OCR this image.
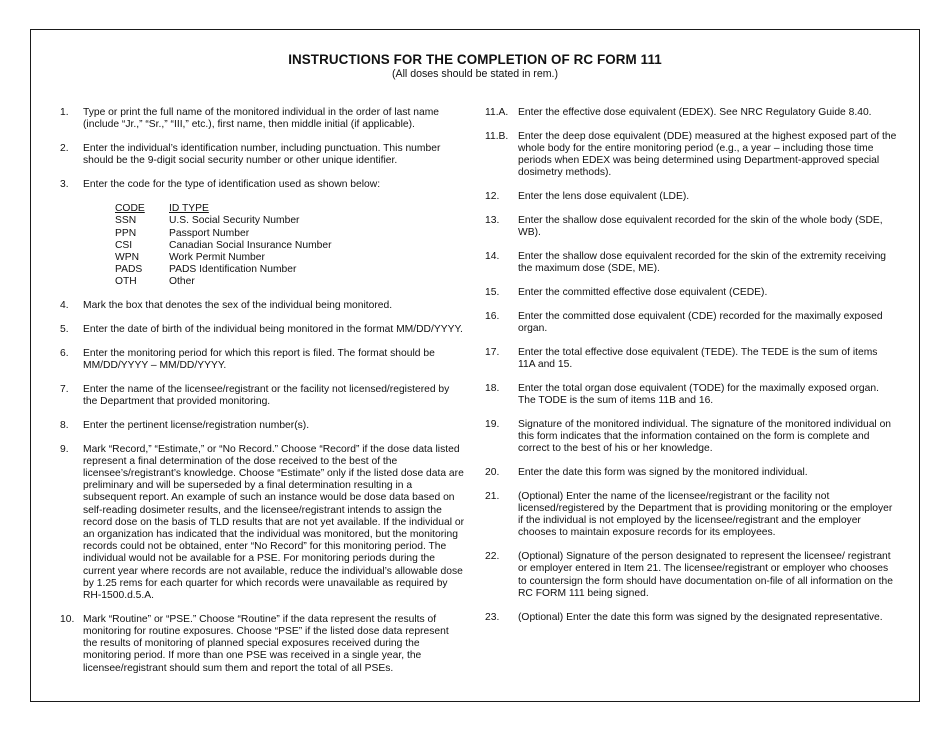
INSTRUCTIONS FOR THE COMPLETION OF RC FORM 111
(All doses should be stated in rem.)
1. Type or print the full name of the monitored individual in the order of last name (include “Jr.,” “Sr.,” “III,” etc.), first name, then middle initial (if applicable).
2. Enter the individual’s identification number, including punctuation. This number should be the 9-digit social security number or other unique identifier.
3. Enter the code for the type of identification used as shown below:
CODE	ID TYPE
SSN	U.S. Social Security Number
PPN	Passport Number
CSI	Canadian Social Insurance Number
WPN	Work Permit Number
PADS	PADS Identification Number
OTH	Other
4. Mark the box that denotes the sex of the individual being monitored.
5. Enter the date of birth of the individual being monitored in the format MM/DD/YYYY.
6. Enter the monitoring period for which this report is filed. The format should be MM/DD/YYYY – MM/DD/YYYY.
7. Enter the name of the licensee/registrant or the facility not licensed/registered by the Department that provided monitoring.
8. Enter the pertinent license/registration number(s).
9. Mark “Record,” “Estimate,” or “No Record.” Choose “Record” if the dose data listed represent a final determination of the dose received to the best of the licensee’s/registrant’s knowledge. Choose “Estimate” only if the listed dose data are preliminary and will be superseded by a final determination resulting in a subsequent report. An example of such an instance would be dose data based on self-reading dosimeter results, and the licensee/registrant intends to assign the record dose on the basis of TLD results that are not yet available. If the individual or an organization has indicated that the individual was monitored, but the monitoring records could not be obtained, enter “No Record” for this monitoring period. The individual would not be available for a PSE. For monitoring periods during the current year where records are not available, reduce the individual’s allowable dose by 1.25 rems for each quarter for which records were unavailable as required by RH-1500.d.5.A.
10. Mark “Routine” or “PSE.” Choose “Routine” if the data represent the results of monitoring for routine exposures. Choose “PSE” if the listed dose data represent the results of monitoring of planned special exposures received during the monitoring period. If more than one PSE was received in a single year, the licensee/registrant should sum them and report the total of all PSEs.
11.A. Enter the effective dose equivalent (EDEX). See NRC Regulatory Guide 8.40.
11.B. Enter the deep dose equivalent (DDE) measured at the highest exposed part of the whole body for the entire monitoring period (e.g., a year – including those time periods when EDEX was being determined using Department-approved special dosimetry methods).
12. Enter the lens dose equivalent (LDE).
13. Enter the shallow dose equivalent recorded for the skin of the whole body (SDE, WB).
14. Enter the shallow dose equivalent recorded for the skin of the extremity receiving the maximum dose (SDE, ME).
15. Enter the committed effective dose equivalent (CEDE).
16. Enter the committed dose equivalent (CDE) recorded for the maximally exposed organ.
17. Enter the total effective dose equivalent (TEDE). The TEDE is the sum of items 11A and 15.
18. Enter the total organ dose equivalent (TODE) for the maximally exposed organ. The TODE is the sum of items 11B and 16.
19. Signature of the monitored individual. The signature of the monitored individual on this form indicates that the information contained on the form is complete and correct to the best of his or her knowledge.
20. Enter the date this form was signed by the monitored individual.
21. (Optional) Enter the name of the licensee/registrant or the facility not licensed/registered by the Department that is providing monitoring or the employer if the individual is not employed by the licensee/registrant and the employer chooses to maintain exposure records for its employees.
22. (Optional) Signature of the person designated to represent the licensee/ registrant or employer entered in Item 21. The licensee/registrant or employer who chooses to countersign the form should have documentation on-file of all information on the RC FORM 111 being signed.
23. (Optional) Enter the date this form was signed by the designated representative.
